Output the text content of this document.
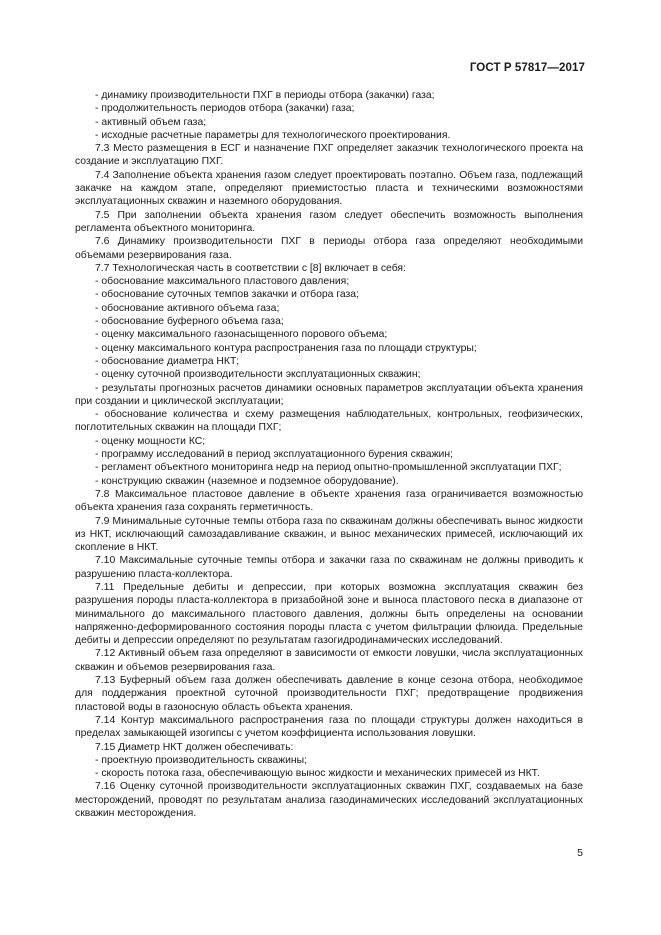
ГОСТ Р 57817—2017

- динамику производительности ПХГ в периоды отбора (закачки) газа;

- продолжительность периодов отбора (закачки) газа;

- активный объем газа;

- исходные расчетные параметры для технологического проектирования.

7.3 Место размещения в ЕСГ и назначение ПХГ определяет заказчик технологического проекта на создание и эксплуатацию ПХГ.

7.4 Заполнение объекта хранения газом следует проектировать поэтапно. Объем газа, подлежащий закачке на каждом этапе, определяют приемистостью пласта и техническими возможностями эксплуатационных скважин и наземного оборудования.

7.5 При заполнении объекта хранения газом следует обеспечить возможность выполнения регламента объектного мониторинга.

7.6 Динамику производительности ПХГ в периоды отбора газа определяют необходимыми объемами резервирования газа.

7.7 Технологическая часть в соответствии с [8] включает в себя:

- обоснование максимального пластового давления;

- обоснование суточных темпов закачки и отбора газа;

- обоснование активного объема газа;

- обоснование буферного объема газа;

- оценку максимального газонасыщенного порового объема;

- оценку максимального контура распространения газа по площади структуры;

- обоснование диаметра НКТ;

- оценку суточной производительности эксплуатационных скважин;

- результаты прогнозных расчетов динамики основных параметров эксплуатации объекта хранения при создании и циклической эксплуатации;

- обоснование количества и схему размещения наблюдательных, контрольных, геофизических, поглотительных скважин на площади ПХГ;

- оценку мощности КС;

- программу исследований в период эксплуатационного бурения скважин;

- регламент объектного мониторинга недр на период опытно-промышленной эксплуатации ПХГ;

- конструкцию скважин (наземное и подземное оборудование).

7.8 Максимальное пластовое давление в объекте хранения газа ограничивается возможностью объекта хранения газа сохранять герметичность.

7.9 Минимальные суточные темпы отбора газа по скважинам должны обеспечивать вынос жидкости из НКТ, исключающий самозадавливание скважин, и вынос механических примесей, исключающий их скопление в НКТ.

7.10 Максимальные суточные темпы отбора и закачки газа по скважинам не должны приводить к разрушению пласта-коллектора.

7.11 Предельные дебиты и депрессии, при которых возможна эксплуатация скважин без разрушения породы пласта-коллектора в призабойной зоне и выноса пластового песка в диапазоне от минимального до максимального пластового давления, должны быть определены на основании напряженно-деформированного состояния породы пласта с учетом фильтрации флюида. Предельные дебиты и депрессии определяют по результатам газогидродинамических исследований.

7.12 Активный объем газа определяют в зависимости от емкости ловушки, числа эксплуатационных скважин и объемов резервирования газа.

7.13 Буферный объем газа должен обеспечивать давление в конце сезона отбора, необходимое для поддержания проектной суточной производительности ПХГ; предотвращение продвижения пластовой воды в газоносную область объекта хранения.

7.14 Контур максимального распространения газа по площади структуры должен находиться в пределах замыкающей изогипсы с учетом коэффициента использования ловушки.

7.15 Диаметр НКТ должен обеспечивать:

- проектную производительность скважины;

- скорость потока газа, обеспечивающую вынос жидкости и механических примесей из НКТ.

7.16 Оценку суточной производительности эксплуатационных скважин ПХГ, создаваемых на базе месторождений, проводят по результатам анализа газодинамических исследований эксплуатационных скважин месторождения.

5
